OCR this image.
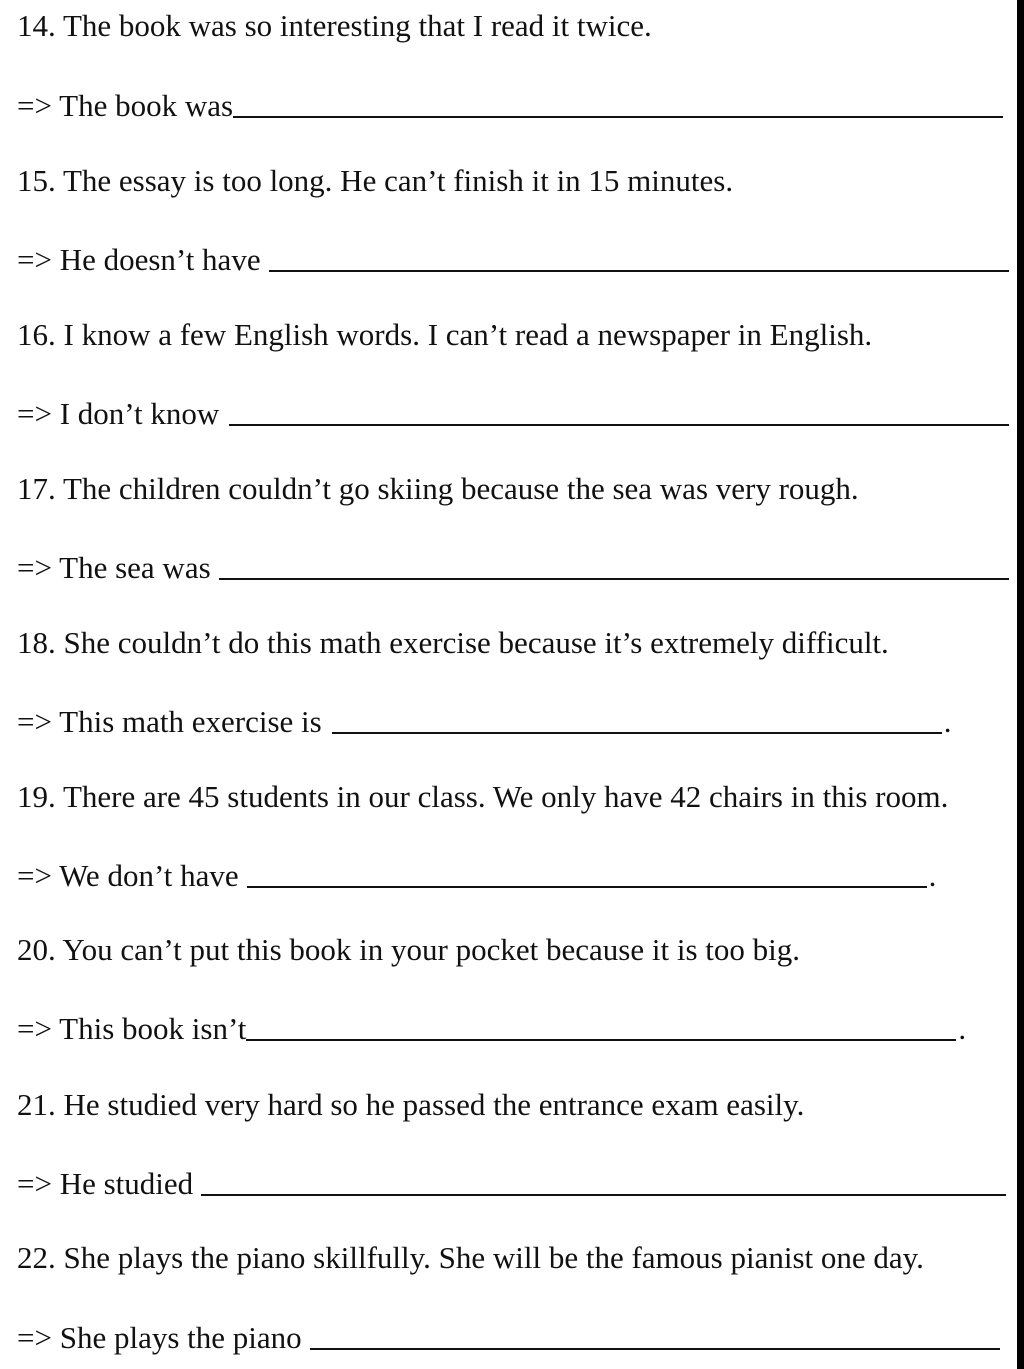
14. The book was so interesting that I read it twice.
=> The book was
15. The essay is too long. He can’t finish it in 15 minutes.
=> He doesn’t have
16. I know a few English words. I can’t read a newspaper in English.
=> I don’t know
17. The children couldn’t go skiing because the sea was very rough.
=> The sea was
18. She couldn’t do this math exercise because it’s extremely difficult.
=> This math exercise is	.
19. There are 45 students in our class. We only have 42 chairs in this room.
=> We don’t have	.
20. You can’t put this book in your pocket because it is too big.
=> This book isn’t	.
21. He studied very hard so he passed the entrance exam easily.
=> He studied
22. She plays the piano skillfully. She will be the famous pianist one day.
=> She plays the piano
